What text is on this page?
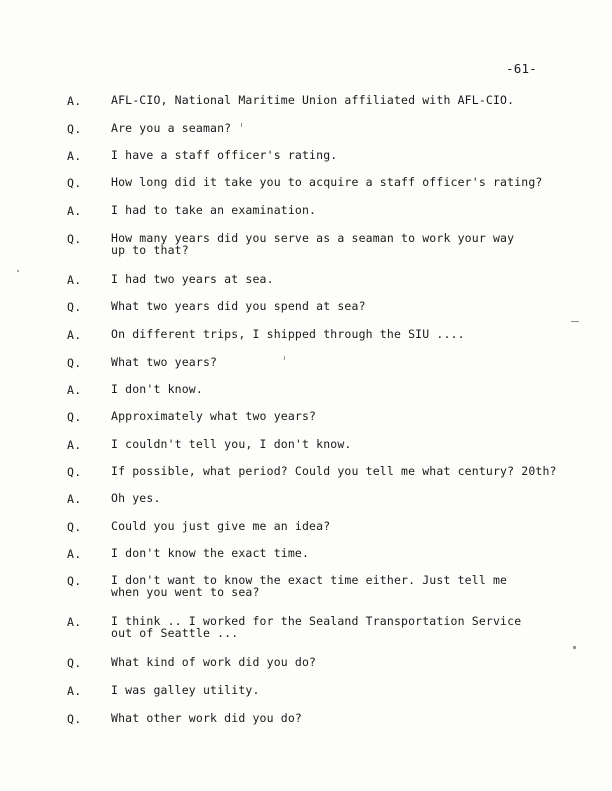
-61-
A.	AFL-CIO, National Maritime Union affiliated with AFL-CIO.
Q.	Are you a seaman?
A.	I have a staff officer's rating.
Q.	How long did it take you to acquire a staff officer's rating?
A.	I had to take an examination.
Q.	How many years did you serve as a seaman to work your way
up to that?
A.	I had two years at sea.
Q.	What two years did you spend at sea?
A.	On different trips, I shipped through the SIU ....
Q.	What two years?
A.	I don't know.
Q.	Approximately what two years?
A.	I couldn't tell you, I don't know.
Q.	If possible, what period? Could you tell me what century? 20th?
A.	Oh yes.
Q.	Could you just give me an idea?
A.	I don't know the exact time.
Q.	I don't want to know the exact time either. Just tell me
when you went to sea?
A.	I think .. I worked for the Sealand Transportation Service
out of Seattle ...
Q.	What kind of work did you do?
A.	I was galley utility.
Q.	What other work did you do?
